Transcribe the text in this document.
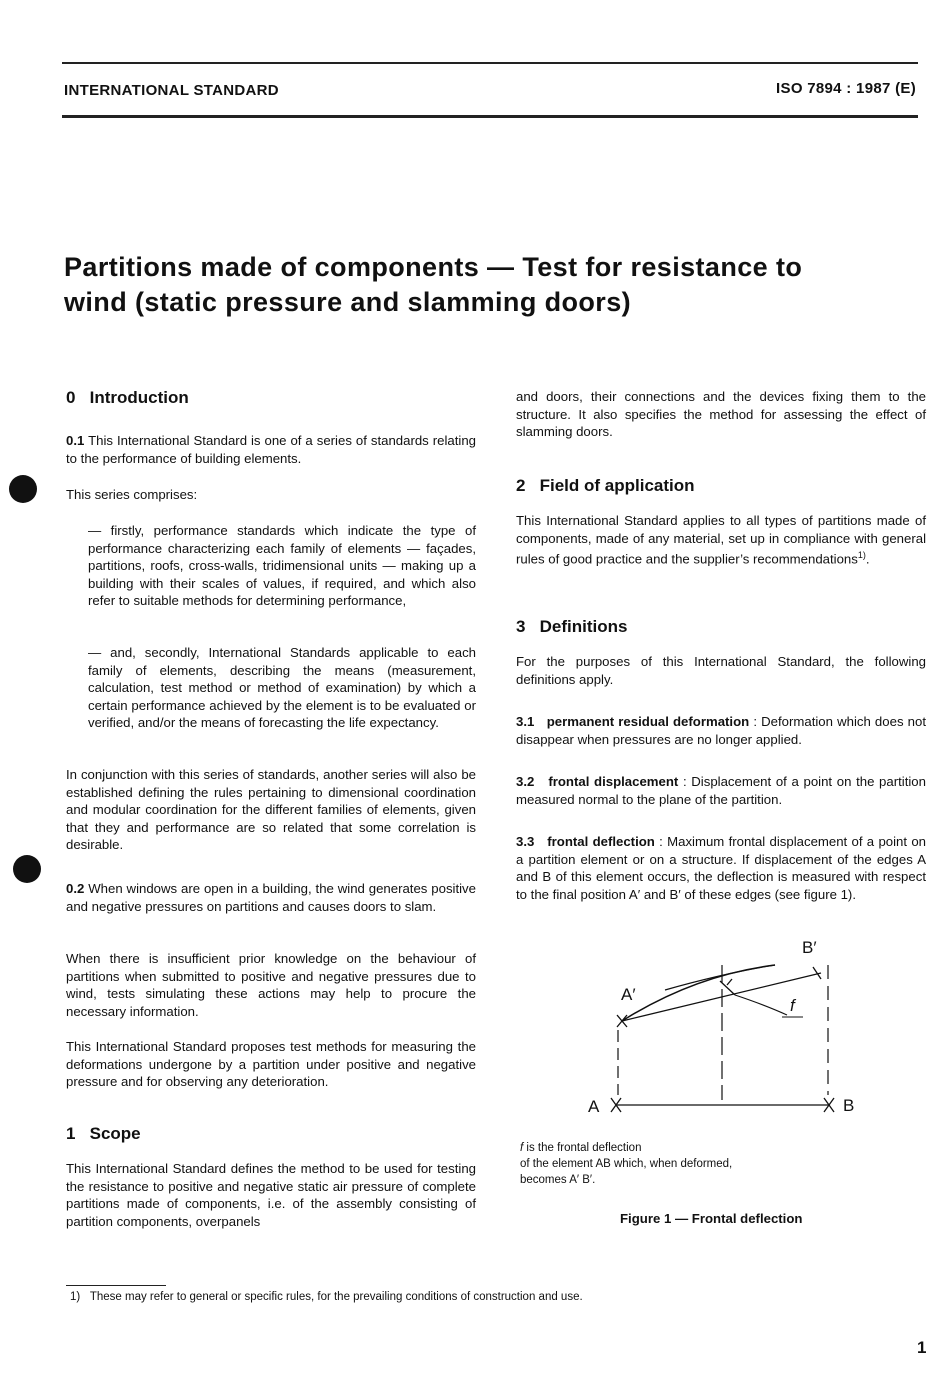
INTERNATIONAL STANDARD	ISO 7894 : 1987 (E)
Partitions made of components — Test for resistance to
wind (static pressure and slamming doors)
0   Introduction
0.1 This International Standard is one of a series of standards relating to the performance of building elements.
This series comprises:
— firstly, performance standards which indicate the type of performance characterizing each family of elements — façades, partitions, roofs, cross-walls, tridimensional units — making up a building with their scales of values, if required, and which also refer to suitable methods for determining performance,
— and, secondly, International Standards applicable to each family of elements, describing the means (measurement, calculation, test method or method of examination) by which a certain performance achieved by the element is to be evaluated or verified, and/or the means of forecasting the life expectancy.
In conjunction with this series of standards, another series will also be established defining the rules pertaining to dimensional coordination and modular coordination for the different families of elements, given that they and performance are so related that some correlation is desirable.
0.2 When windows are open in a building, the wind generates positive and negative pressures on partitions and causes doors to slam.
When there is insufficient prior knowledge on the behaviour of partitions when submitted to positive and negative pressures due to wind, tests simulating these actions may help to procure the necessary information.
This International Standard proposes test methods for measuring the deformations undergone by a partition under positive and negative pressure and for observing any deterioration.
1   Scope
This International Standard defines the method to be used for testing the resistance to positive and negative static air pressure of complete partitions made of components, i.e. of the assembly consisting of partition components, overpanels
and doors, their connections and the devices fixing them to the structure. It also specifies the method for assessing the effect of slamming doors.
2   Field of application
This International Standard applies to all types of partitions made of components, made of any material, set up in compliance with general rules of good practice and the supplier’s recommendations$^{1)}$.
3   Definitions
For the purposes of this International Standard, the following definitions apply.
3.1 permanent residual deformation : Deformation which does not disappear when pressures are no longer applied.
3.2 frontal displacement : Displacement of a point on the partition measured normal to the plane of the partition.
3.3 frontal deflection : Maximum frontal displacement of a point on a partition element or on a structure. If displacement of the edges A and B of this element occurs, the deflection is measured with respect to the final position A′ and B′ of these edges (see figure 1).
B′
A′
f
A	B
f is the frontal deflection
of the element AB which, when deformed,
becomes A′ B′.
Figure 1 — Frontal deflection
1) These may refer to general or specific rules, for the prevailing conditions of construction and use.
1
